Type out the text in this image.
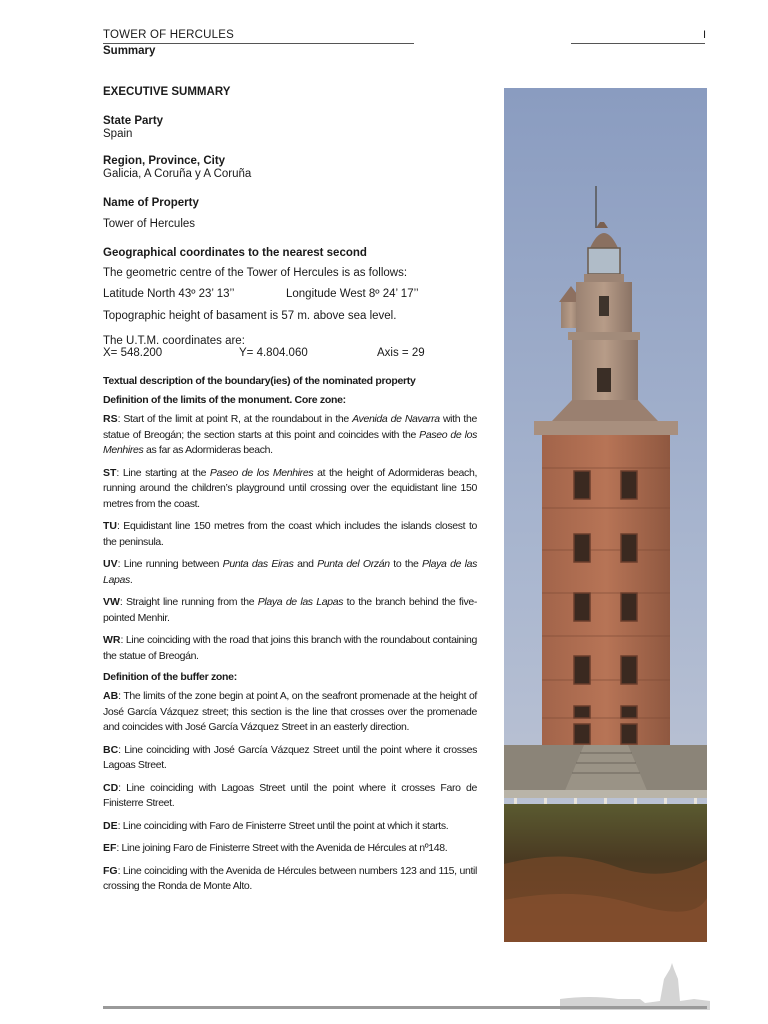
TOWER OF HERCULES	I
Summary

EXECUTIVE SUMMARY

State Party

Spain

Region, Province, City

Galicia, A Coruña y A Coruña

Name of Property

Tower of Hercules

Geographical coordinates to the nearest second

The geometric centre of the Tower of Hercules is as follows:

Latitude North 43º 23’ 13’’	Longitude West 8º 24’ 17’’

Topographic height of basament is 57 m. above sea level.

The U.T.M. coordinates are:

X= 548.200	Y= 4.804.060	Axis = 29

Textual description of the boundary(ies) of the nominated property

Definition of the limits of the monument. Core zone:

RS: Start of the limit at point R, at the roundabout in the Avenida de Navarra with the statue of Breogán; the section starts at this point and coincides with the Paseo de los Menhires as far as Adormideras beach.

ST: Line starting at the Paseo de los Menhires at the height of Adormideras beach, running around the children’s playground until crossing over the equidistant line 150 metres from the coast.

TU: Equidistant line 150 metres from the coast which includes the islands closest to the peninsula.

UV: Line running between Punta das Eiras and Punta del Orzán to the Playa de las Lapas.

VW: Straight line running from the Playa de las Lapas to the branch behind the five-pointed Menhir.

WR: Line coinciding with the road that joins this branch with the roundabout containing the statue of Breogán.

Definition of the buffer zone:

AB: The limits of the zone begin at point A, on the seafront promenade at the height of José García Vázquez street; this section is the line that crosses over the promenade and coincides with José García Vázquez Street in an easterly direction.

BC: Line coinciding with José García Vázquez Street until the point where it crosses Lagoas Street.

CD: Line coinciding with Lagoas Street until the point where it crosses Faro de Finisterre Street.

DE: Line coinciding with Faro de Finisterre Street until the point at which it starts.

EF: Line joining Faro de Finisterre Street with the Avenida de Hércules at nº148.

FG: Line coinciding with the Avenida de Hércules between numbers 123 and 115, until crossing the Ronda de Monte Alto.
